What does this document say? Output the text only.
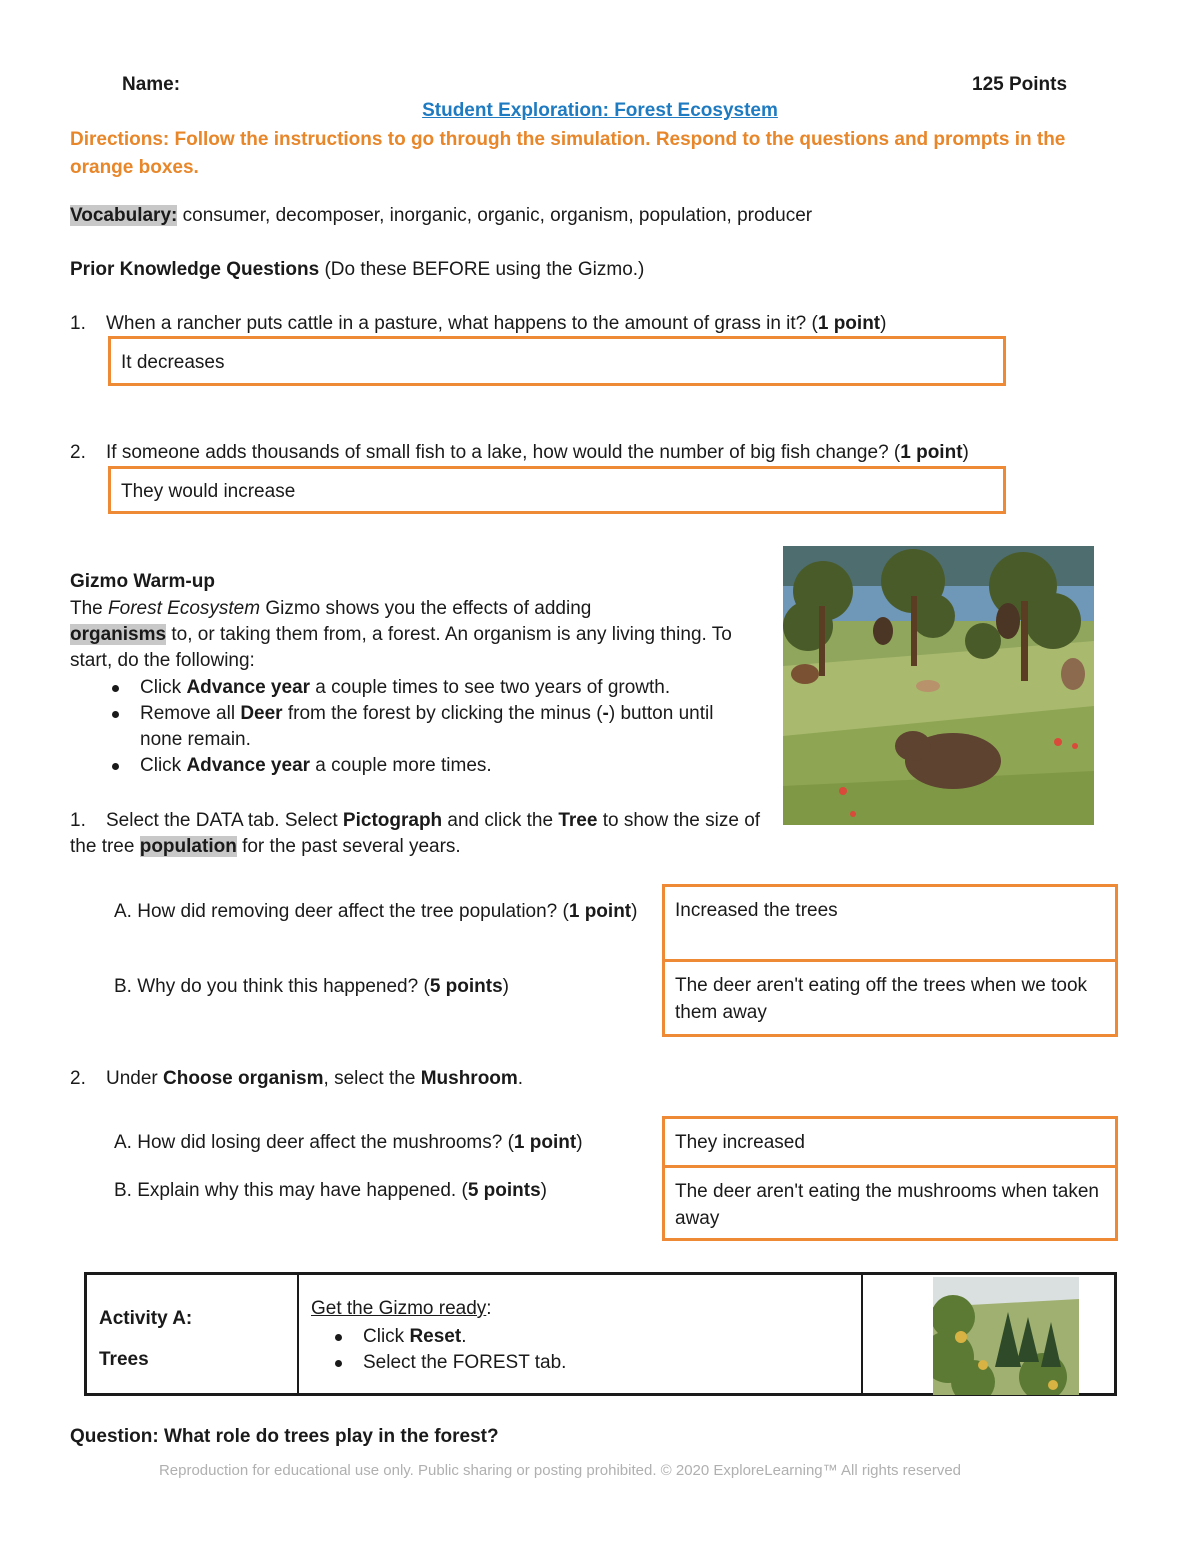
Name:	125 Points
Student Exploration: Forest Ecosystem
Directions: Follow the instructions to go through the simulation. Respond to the questions and prompts in the orange boxes.
Vocabulary: consumer, decomposer, inorganic, organic, organism, population, producer
Prior Knowledge Questions (Do these BEFORE using the Gizmo.)
1. When a rancher puts cattle in a pasture, what happens to the amount of grass in it? (1 point)
It decreases
2. If someone adds thousands of small fish to a lake, how would the number of big fish change? (1 point)
They would increase
Gizmo Warm-up
The Forest Ecosystem Gizmo shows you the effects of adding
organisms to, or taking them from, a forest. An organism is any living thing. To start, do the following:
Click Advance year a couple times to see two years of growth.
Remove all Deer from the forest by clicking the minus (-) button until none remain.
Click Advance year a couple more times.
1. Select the DATA tab. Select Pictograph and click the Tree to show the size of the tree population for the past several years.
A. How did removing deer affect the tree population? (1 point)
B. Why do you think this happened? (5 points)
Increased the trees
The deer aren't eating off the trees when we took them away
2. Under Choose organism, select the Mushroom.
A. How did losing deer affect the mushrooms? (1 point)
B. Explain why this may have happened. (5 points)
They increased
The deer aren't eating the mushrooms when taken away
Activity A:
Trees
Get the Gizmo ready:
Click Reset.
Select the FOREST tab.
Question: What role do trees play in the forest?
Reproduction for educational use only. Public sharing or posting prohibited. © 2020 ExploreLearning™ All rights reserved
